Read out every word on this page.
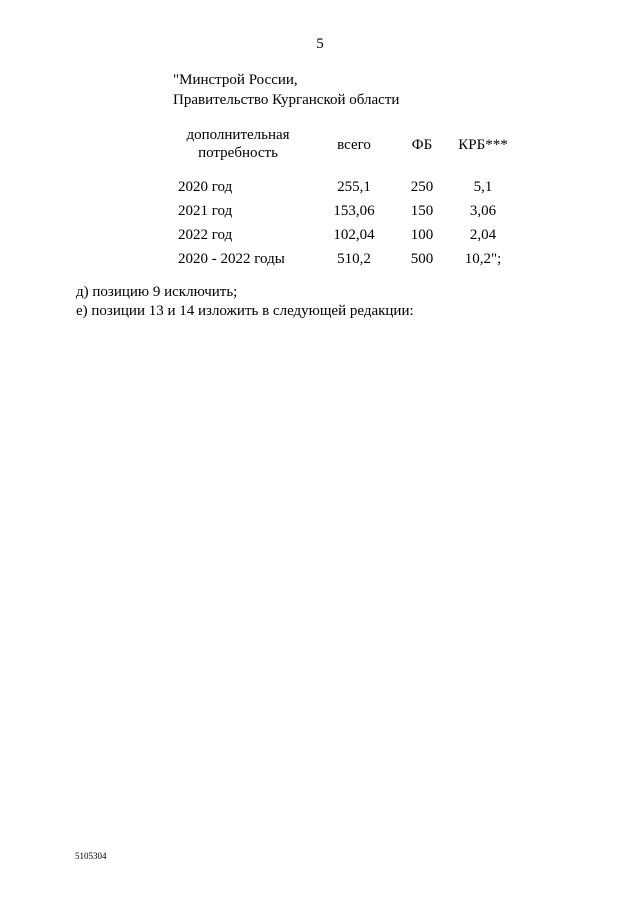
5
"Минстрой России,
Правительство Курганской области
дополнительная
потребность	всего	ФБ	КРБ***
2020 год	255,1	250	5,1
2021 год	153,06	150	3,06
2022 год	102,04	100	2,04
2020 - 2022 годы	510,2	500	10,2";
д) позицию 9 исключить;
е) позиции 13 и 14 изложить в следующей редакции:
5105304
